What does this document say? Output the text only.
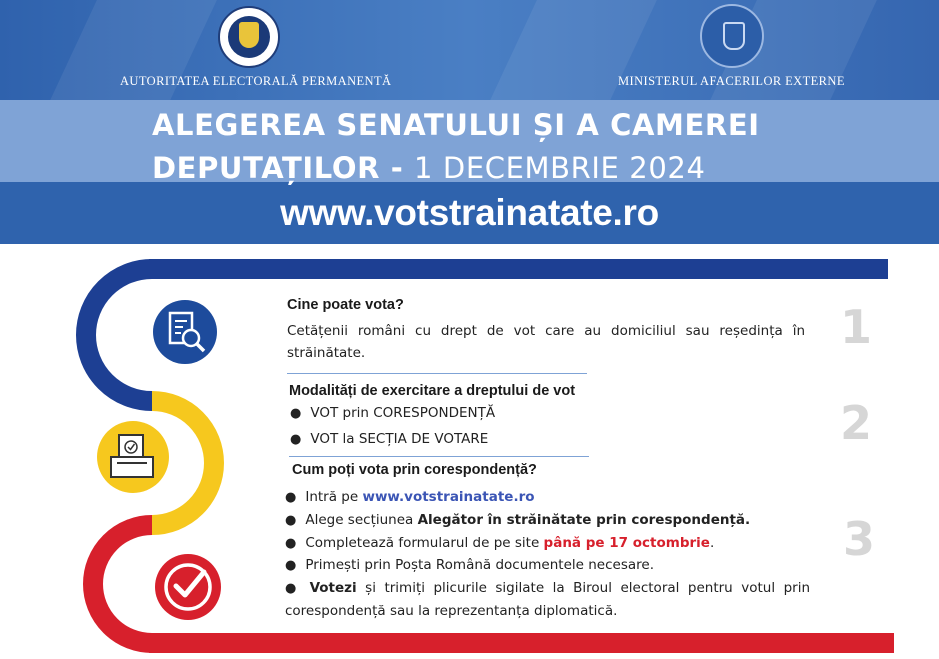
AUTORITATEA ELECTORALĂ PERMANENTĂ	MINISTERUL AFACERILOR EXTERNE
ALEGEREA SENATULUI ȘI A CAMEREI
DEPUTAȚILOR - 1 DECEMBRIE 2024
www.votstrainatate.ro
Cine poate vota?
Cetățenii români cu drept de vot care au domiciliul sau reședința în străinătate.	1
Modalități de exercitare a dreptului de vot
● VOT prin CORESPONDENȚĂ
● VOT la SECȚIA DE VOTARE	2
Cum poți vota prin corespondență?
3
● Intră pe www.votstrainatate.ro
● Alege secțiunea Alegător în străinătate prin corespondență.
● Completează formularul de pe site până pe 17 octombrie.
● Primești prin Poșta Română documentele necesare.
● Votezi și trimiți plicurile sigilate la Biroul electoral pentru votul prin corespondență sau la reprezentanța diplomatică.
